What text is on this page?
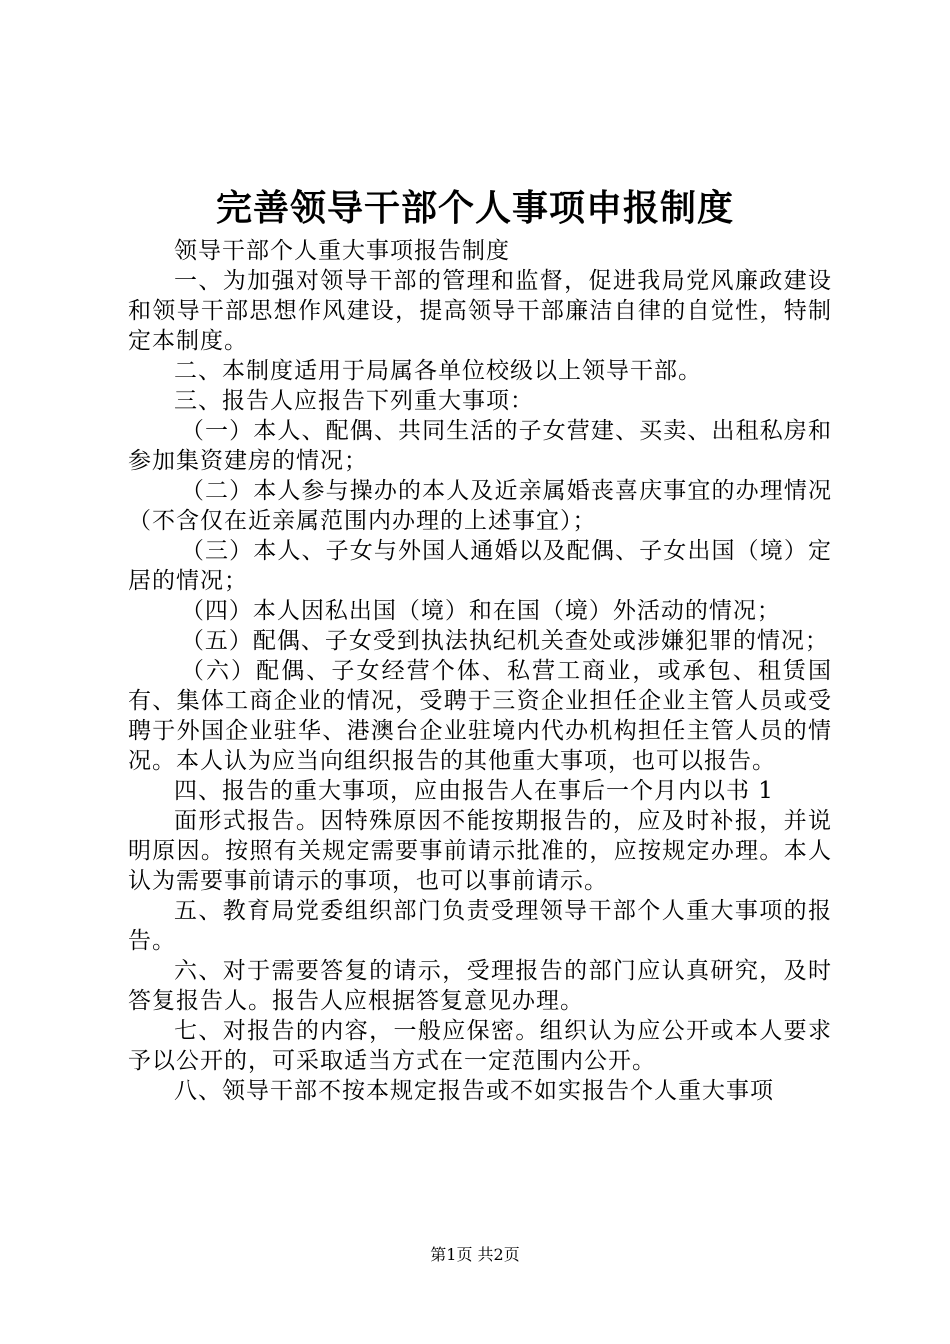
完善领导干部个人事项申报制度

领导干部个人重大事项报告制度

一、为加强对领导干部的管理和监督，促进我局党风廉政建设和领导干部思想作风建设，提高领导干部廉洁自律的自觉性，特制定本制度。

二、本制度适用于局属各单位校级以上领导干部。

三、报告人应报告下列重大事项：

（一）本人、配偶、共同生活的子女营建、买卖、出租私房和参加集资建房的情况；

（二）本人参与操办的本人及近亲属婚丧喜庆事宜的办理情况（不含仅在近亲属范围内办理的上述事宜）；

（三）本人、子女与外国人通婚以及配偶、子女出国（境）定居的情况；

（四）本人因私出国（境）和在国（境）外活动的情况；

（五）配偶、子女受到执法执纪机关查处或涉嫌犯罪的情况；

（六）配偶、子女经营个体、私营工商业，或承包、租赁国有、集体工商企业的情况，受聘于三资企业担任企业主管人员或受聘于外国企业驻华、港澳台企业驻境内代办机构担任主管人员的情况。本人认为应当向组织报告的其他重大事项，也可以报告。

四、报告的重大事项，应由报告人在事后一个月内以书 1

面形式报告。因特殊原因不能按期报告的，应及时补报，并说明原因。按照有关规定需要事前请示批准的，应按规定办理。本人认为需要事前请示的事项，也可以事前请示。

五、教育局党委组织部门负责受理领导干部个人重大事项的报告。

六、对于需要答复的请示，受理报告的部门应认真研究，及时答复报告人。报告人应根据答复意见办理。

七、对报告的内容，一般应保密。组织认为应公开或本人要求予以公开的，可采取适当方式在一定范围内公开。

八、领导干部不按本规定报告或不如实报告个人重大事项

第1页 共2页
